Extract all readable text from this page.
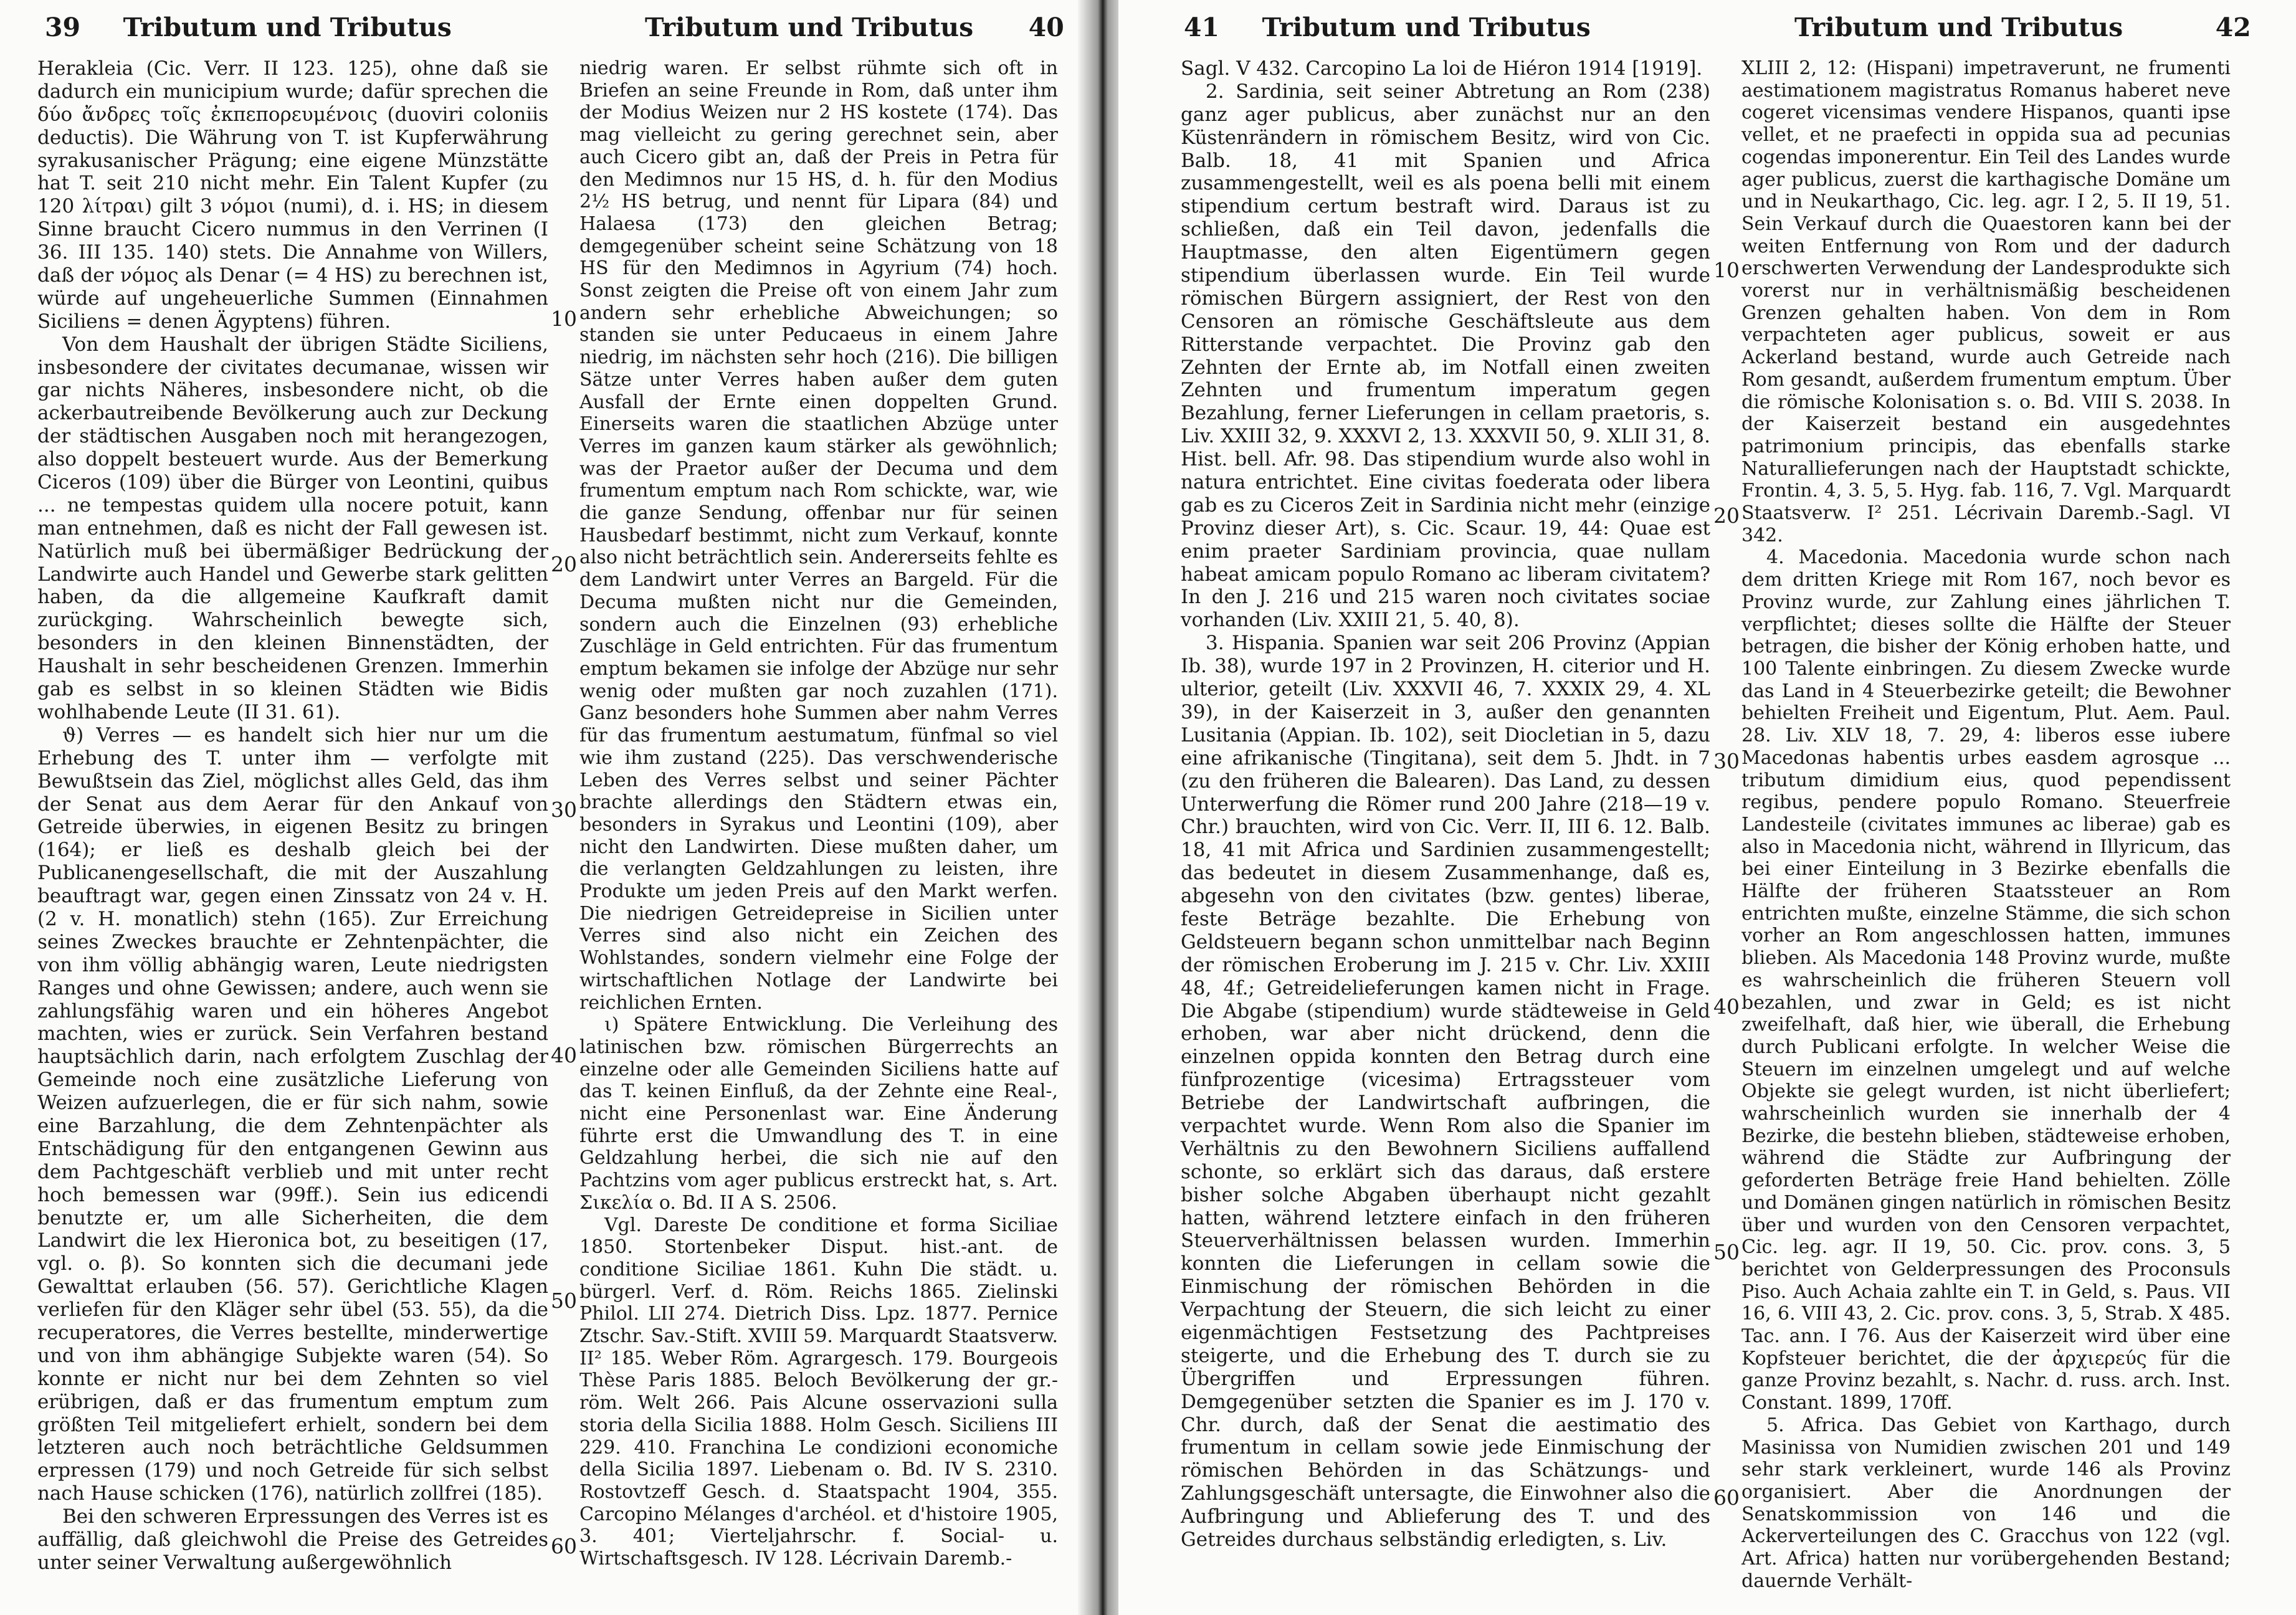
39 Tributum und Tributus	Tributum und Tributus 40

Herakleia (Cic. Verr. II 123. 125), ohne daß sie dadurch ein municipium wurde; dafür sprechen die δύο ἄνδρες τοῖς ἐκπεπορευμένοις (duoviri coloniis deductis). Die Währung von T. ist Kupferwährung syrakusanischer Prägung; eine eigene Münzstätte hat T. seit 210 nicht mehr. Ein Talent Kupfer (zu 120 λίτραι) gilt 3 νόμοι (numi), d. i. HS; in diesem Sinne braucht Cicero nummus in den Verrinen (I 36. III 135. 140) stets. Die Annahme von Willers, daß der νόμος als Denar (= 4 HS) zu berechnen ist, würde auf ungeheuerliche Summen (Einnahmen Siciliens = denen Ägyptens) führen.

Von dem Haushalt der übrigen Städte Siciliens, insbesondere der civitates decumanae, wissen wir gar nichts Näheres, insbesondere nicht, ob die ackerbautreibende Bevölkerung auch zur Deckung der städtischen Ausgaben noch mit herangezogen, also doppelt besteuert wurde. Aus der Bemerkung Ciceros (109) über die Bürger von Leontini, quibus ... ne tempestas quidem ulla nocere potuit, kann man entnehmen, daß es nicht der Fall gewesen ist. Natürlich muß bei übermäßiger Bedrückung der Landwirte auch Handel und Gewerbe stark gelitten haben, da die allgemeine Kaufkraft damit zurückging. Wahrscheinlich bewegte sich, besonders in den kleinen Binnenstädten, der Haushalt in sehr bescheidenen Grenzen. Immerhin gab es selbst in so kleinen Städten wie Bidis wohlhabende Leute (II 31. 61).

ϑ) Verres — es handelt sich hier nur um die Erhebung des T. unter ihm — verfolgte mit Bewußtsein das Ziel, möglichst alles Geld, das ihm der Senat aus dem Aerar für den Ankauf von Getreide überwies, in eigenen Besitz zu bringen (164); er ließ es deshalb gleich bei der Publicanengesellschaft, die mit der Auszahlung beauftragt war, gegen einen Zinssatz von 24 v. H. (2 v. H. monatlich) stehn (165). Zur Erreichung seines Zweckes brauchte er Zehntenpächter, die von ihm völlig abhängig waren, Leute niedrigsten Ranges und ohne Gewissen; andere, auch wenn sie zahlungsfähig waren und ein höheres Angebot machten, wies er zurück. Sein Verfahren bestand hauptsächlich darin, nach erfolgtem Zuschlag der Gemeinde noch eine zusätzliche Lieferung von Weizen aufzuerlegen, die er für sich nahm, sowie eine Barzahlung, die dem Zehntenpächter als Entschädigung für den entgangenen Gewinn aus dem Pachtgeschäft verblieb und mit unter recht hoch bemessen war (99ff.). Sein ius edicendi benutzte er, um alle Sicherheiten, die dem Landwirt die lex Hieronica bot, zu beseitigen (17, vgl. o. β). So konnten sich die decumani jede Gewalttat erlauben (56. 57). Gerichtliche Klagen verliefen für den Kläger sehr übel (53. 55), da die recuperatores, die Verres bestellte, minderwertige und von ihm abhängige Subjekte waren (54). So konnte er nicht nur bei dem Zehnten so viel erübrigen, daß er das frumentum emptum zum größten Teil mitgeliefert erhielt, sondern bei dem letzteren auch noch beträchtliche Geldsummen erpressen (179) und noch Getreide für sich selbst nach Hause schicken (176), natürlich zollfrei (185).

Bei den schweren Erpressungen des Verres ist es auffällig, daß gleichwohl die Preise des Getreides unter seiner Verwaltung außergewöhnlich

10
20
30
40
50
60

niedrig waren. Er selbst rühmte sich oft in Briefen an seine Freunde in Rom, daß unter ihm der Modius Weizen nur 2 HS kostete (174). Das mag vielleicht zu gering gerechnet sein, aber auch Cicero gibt an, daß der Preis in Petra für den Medimnos nur 15 HS, d. h. für den Modius 2½ HS betrug, und nennt für Lipara (84) und Halaesa (173) den gleichen Betrag; demgegenüber scheint seine Schätzung von 18 HS für den Medimnos in Agyrium (74) hoch. Sonst zeigten die Preise oft von einem Jahr zum andern sehr erhebliche Abweichungen; so standen sie unter Peducaeus in einem Jahre niedrig, im nächsten sehr hoch (216). Die billigen Sätze unter Verres haben außer dem guten Ausfall der Ernte einen doppelten Grund. Einerseits waren die staatlichen Abzüge unter Verres im ganzen kaum stärker als gewöhnlich; was der Praetor außer der Decuma und dem frumentum emptum nach Rom schickte, war, wie die ganze Sendung, offenbar nur für seinen Hausbedarf bestimmt, nicht zum Verkauf, konnte also nicht beträchtlich sein. Andererseits fehlte es dem Landwirt unter Verres an Bargeld. Für die Decuma mußten nicht nur die Gemeinden, sondern auch die Einzelnen (93) erhebliche Zuschläge in Geld entrichten. Für das frumentum emptum bekamen sie infolge der Abzüge nur sehr wenig oder mußten gar noch zuzahlen (171). Ganz besonders hohe Summen aber nahm Verres für das frumentum aestumatum, fünfmal so viel wie ihm zustand (225). Das verschwenderische Leben des Verres selbst und seiner Pächter brachte allerdings den Städtern etwas ein, besonders in Syrakus und Leontini (109), aber nicht den Landwirten. Diese mußten daher, um die verlangten Geldzahlungen zu leisten, ihre Produkte um jeden Preis auf den Markt werfen. Die niedrigen Getreidepreise in Sicilien unter Verres sind also nicht ein Zeichen des Wohlstandes, sondern vielmehr eine Folge der wirtschaftlichen Notlage der Landwirte bei reichlichen Ernten.

ι) Spätere Entwicklung. Die Verleihung des latinischen bzw. römischen Bürgerrechts an einzelne oder alle Gemeinden Siciliens hatte auf das T. keinen Einfluß, da der Zehnte eine Real-, nicht eine Personenlast war. Eine Änderung führte erst die Umwandlung des T. in eine Geldzahlung herbei, die sich nie auf den Pachtzins vom ager publicus erstreckt hat, s. Art. Σικελία o. Bd. II A S. 2506.

Vgl. Dareste De conditione et forma Siciliae 1850. Stortenbeker Disput. hist.-ant. de conditione Siciliae 1861. Kuhn Die städt. u. bürgerl. Verf. d. Röm. Reichs 1865. Zielinski Philol. LII 274. Dietrich Diss. Lpz. 1877. Pernice Ztschr. Sav.-Stift. XVIII 59. Marquardt Staatsverw. II² 185. Weber Röm. Agrargesch. 179. Bourgeois Thèse Paris 1885. Beloch Bevölkerung der gr.-röm. Welt 266. Pais Alcune osservazioni sulla storia della Sicilia 1888. Holm Gesch. Siciliens III 229. 410. Franchina Le condizioni economiche della Sicilia 1897. Liebenam o. Bd. IV S. 2310. Rostovtzeff Gesch. d. Staatspacht 1904, 355. Carcopino Mélanges d'archéol. et d'histoire 1905, 3. 401; Vierteljahrschr. f. Social- u. Wirtschaftsgesch. IV 128. Lécrivain Daremb.-

41 Tributum und Tributus	Tributum und Tributus	42

Sagl. V 432. Carcopino La loi de Hiéron 1914 [1919].

2. Sardinia, seit seiner Abtretung an Rom (238) ganz ager publicus, aber zunächst nur an den Küstenrändern in römischem Besitz, wird von Cic. Balb. 18, 41 mit Spanien und Africa zusammengestellt, weil es als poena belli mit einem stipendium certum bestraft wird. Daraus ist zu schließen, daß ein Teil davon, jedenfalls die Hauptmasse, den alten Eigentümern gegen stipendium überlassen wurde. Ein Teil wurde römischen Bürgern assigniert, der Rest von den Censoren an römische Geschäftsleute aus dem Ritterstande verpachtet. Die Provinz gab den Zehnten der Ernte ab, im Notfall einen zweiten Zehnten und frumentum imperatum gegen Bezahlung, ferner Lieferungen in cellam praetoris, s. Liv. XXIII 32, 9. XXXVI 2, 13. XXXVII 50, 9. XLII 31, 8. Hist. bell. Afr. 98. Das stipendium wurde also wohl in natura entrichtet. Eine civitas foederata oder libera gab es zu Ciceros Zeit in Sardinia nicht mehr (einzige Provinz dieser Art), s. Cic. Scaur. 19, 44: Quae est enim praeter Sardiniam provincia, quae nullam habeat amicam populo Romano ac liberam civitatem? In den J. 216 und 215 waren noch civitates sociae vorhanden (Liv. XXIII 21, 5. 40, 8).

3. Hispania. Spanien war seit 206 Provinz (Appian Ib. 38), wurde 197 in 2 Provinzen, H. citerior und H. ulterior, geteilt (Liv. XXXVII 46, 7. XXXIX 29, 4. XL 39), in der Kaiserzeit in 3, außer den genannten Lusitania (Appian. Ib. 102), seit Diocletian in 5, dazu eine afrikanische (Tingitana), seit dem 5. Jhdt. in 7 (zu den früheren die Balearen). Das Land, zu dessen Unterwerfung die Römer rund 200 Jahre (218—19 v. Chr.) brauchten, wird von Cic. Verr. II, III 6. 12. Balb. 18, 41 mit Africa und Sardinien zusammengestellt; das bedeutet in diesem Zusammenhange, daß es, abgesehn von den civitates (bzw. gentes) liberae, feste Beträge bezahlte. Die Erhebung von Geldsteuern begann schon unmittelbar nach Beginn der römischen Eroberung im J. 215 v. Chr. Liv. XXIII 48, 4f.; Getreidelieferungen kamen nicht in Frage. Die Abgabe (stipendium) wurde städteweise in Geld erhoben, war aber nicht drückend, denn die einzelnen oppida konnten den Betrag durch eine fünfprozentige (vicesima) Ertragssteuer vom Betriebe der Landwirtschaft aufbringen, die verpachtet wurde. Wenn Rom also die Spanier im Verhältnis zu den Bewohnern Siciliens auffallend schonte, so erklärt sich das daraus, daß erstere bisher solche Abgaben überhaupt nicht gezahlt hatten, während letztere einfach in den früheren Steuerverhältnissen belassen wurden. Immerhin konnten die Lieferungen in cellam sowie die Einmischung der römischen Behörden in die Verpachtung der Steuern, die sich leicht zu einer eigenmächtigen Festsetzung des Pachtpreises steigerte, und die Erhebung des T. durch sie zu Übergriffen und Erpressungen führen. Demgegenüber setzten die Spanier es im J. 170 v. Chr. durch, daß der Senat die aestimatio des frumentum in cellam sowie jede Einmischung der römischen Behörden in das Schätzungs- und Zahlungsgeschäft untersagte, die Einwohner also die Aufbringung und Ablieferung des T. und des Getreides durchaus selbständig erledigten, s. Liv.

10
20
30
40
50
60

XLIII 2, 12: (Hispani) impetraverunt, ne frumenti aestimationem magistratus Romanus haberet neve cogeret vicensimas vendere Hispanos, quanti ipse vellet, et ne praefecti in oppida sua ad pecunias cogendas imponerentur. Ein Teil des Landes wurde ager publicus, zuerst die karthagische Domäne um und in Neukarthago, Cic. leg. agr. I 2, 5. II 19, 51. Sein Verkauf durch die Quaestoren kann bei der weiten Entfernung von Rom und der dadurch erschwerten Verwendung der Landesprodukte sich vorerst nur in verhältnismäßig bescheidenen Grenzen gehalten haben. Von dem in Rom verpachteten ager publicus, soweit er aus Ackerland bestand, wurde auch Getreide nach Rom gesandt, außerdem frumentum emptum. Über die römische Kolonisation s. o. Bd. VIII S. 2038. In der Kaiserzeit bestand ein ausgedehntes patrimonium principis, das ebenfalls starke Naturallieferungen nach der Hauptstadt schickte, Frontin. 4, 3. 5, 5. Hyg. fab. 116, 7. Vgl. Marquardt Staatsverw. I² 251. Lécrivain Daremb.-Sagl. VI 342.

4. Macedonia. Macedonia wurde schon nach dem dritten Kriege mit Rom 167, noch bevor es Provinz wurde, zur Zahlung eines jährlichen T. verpflichtet; dieses sollte die Hälfte der Steuer betragen, die bisher der König erhoben hatte, und 100 Talente einbringen. Zu diesem Zwecke wurde das Land in 4 Steuerbezirke geteilt; die Bewohner behielten Freiheit und Eigentum, Plut. Aem. Paul. 28. Liv. XLV 18, 7. 29, 4: liberos esse iubere Macedonas habentis urbes easdem agrosque ... tributum dimidium eius, quod pependissent regibus, pendere populo Romano. Steuerfreie Landesteile (civitates immunes ac liberae) gab es also in Macedonia nicht, während in Illyricum, das bei einer Einteilung in 3 Bezirke ebenfalls die Hälfte der früheren Staatssteuer an Rom entrichten mußte, einzelne Stämme, die sich schon vorher an Rom angeschlossen hatten, immunes blieben. Als Macedonia 148 Provinz wurde, mußte es wahrscheinlich die früheren Steuern voll bezahlen, und zwar in Geld; es ist nicht zweifelhaft, daß hier, wie überall, die Erhebung durch Publicani erfolgte. In welcher Weise die Steuern im einzelnen umgelegt und auf welche Objekte sie gelegt wurden, ist nicht überliefert; wahrscheinlich wurden sie innerhalb der 4 Bezirke, die bestehn blieben, städteweise erhoben, während die Städte zur Aufbringung der geforderten Beträge freie Hand behielten. Zölle und Domänen gingen natürlich in römischen Besitz über und wurden von den Censoren verpachtet, Cic. leg. agr. II 19, 50. Cic. prov. cons. 3, 5 berichtet von Gelderpressungen des Proconsuls Piso. Auch Achaia zahlte ein T. in Geld, s. Paus. VII 16, 6. VIII 43, 2. Cic. prov. cons. 3, 5, Strab. X 485. Tac. ann. I 76. Aus der Kaiserzeit wird über eine Kopfsteuer berichtet, die der ἀρχιερεύς für die ganze Provinz bezahlt, s. Nachr. d. russ. arch. Inst. Constant. 1899, 170ff.

5. Africa. Das Gebiet von Karthago, durch Masinissa von Numidien zwischen 201 und 149 sehr stark verkleinert, wurde 146 als Provinz organisiert. Aber die Anordnungen der Senatskommission von 146 und die Ackerverteilungen des C. Gracchus von 122 (vgl. Art. Africa) hatten nur vorübergehenden Bestand; dauernde Verhält-
